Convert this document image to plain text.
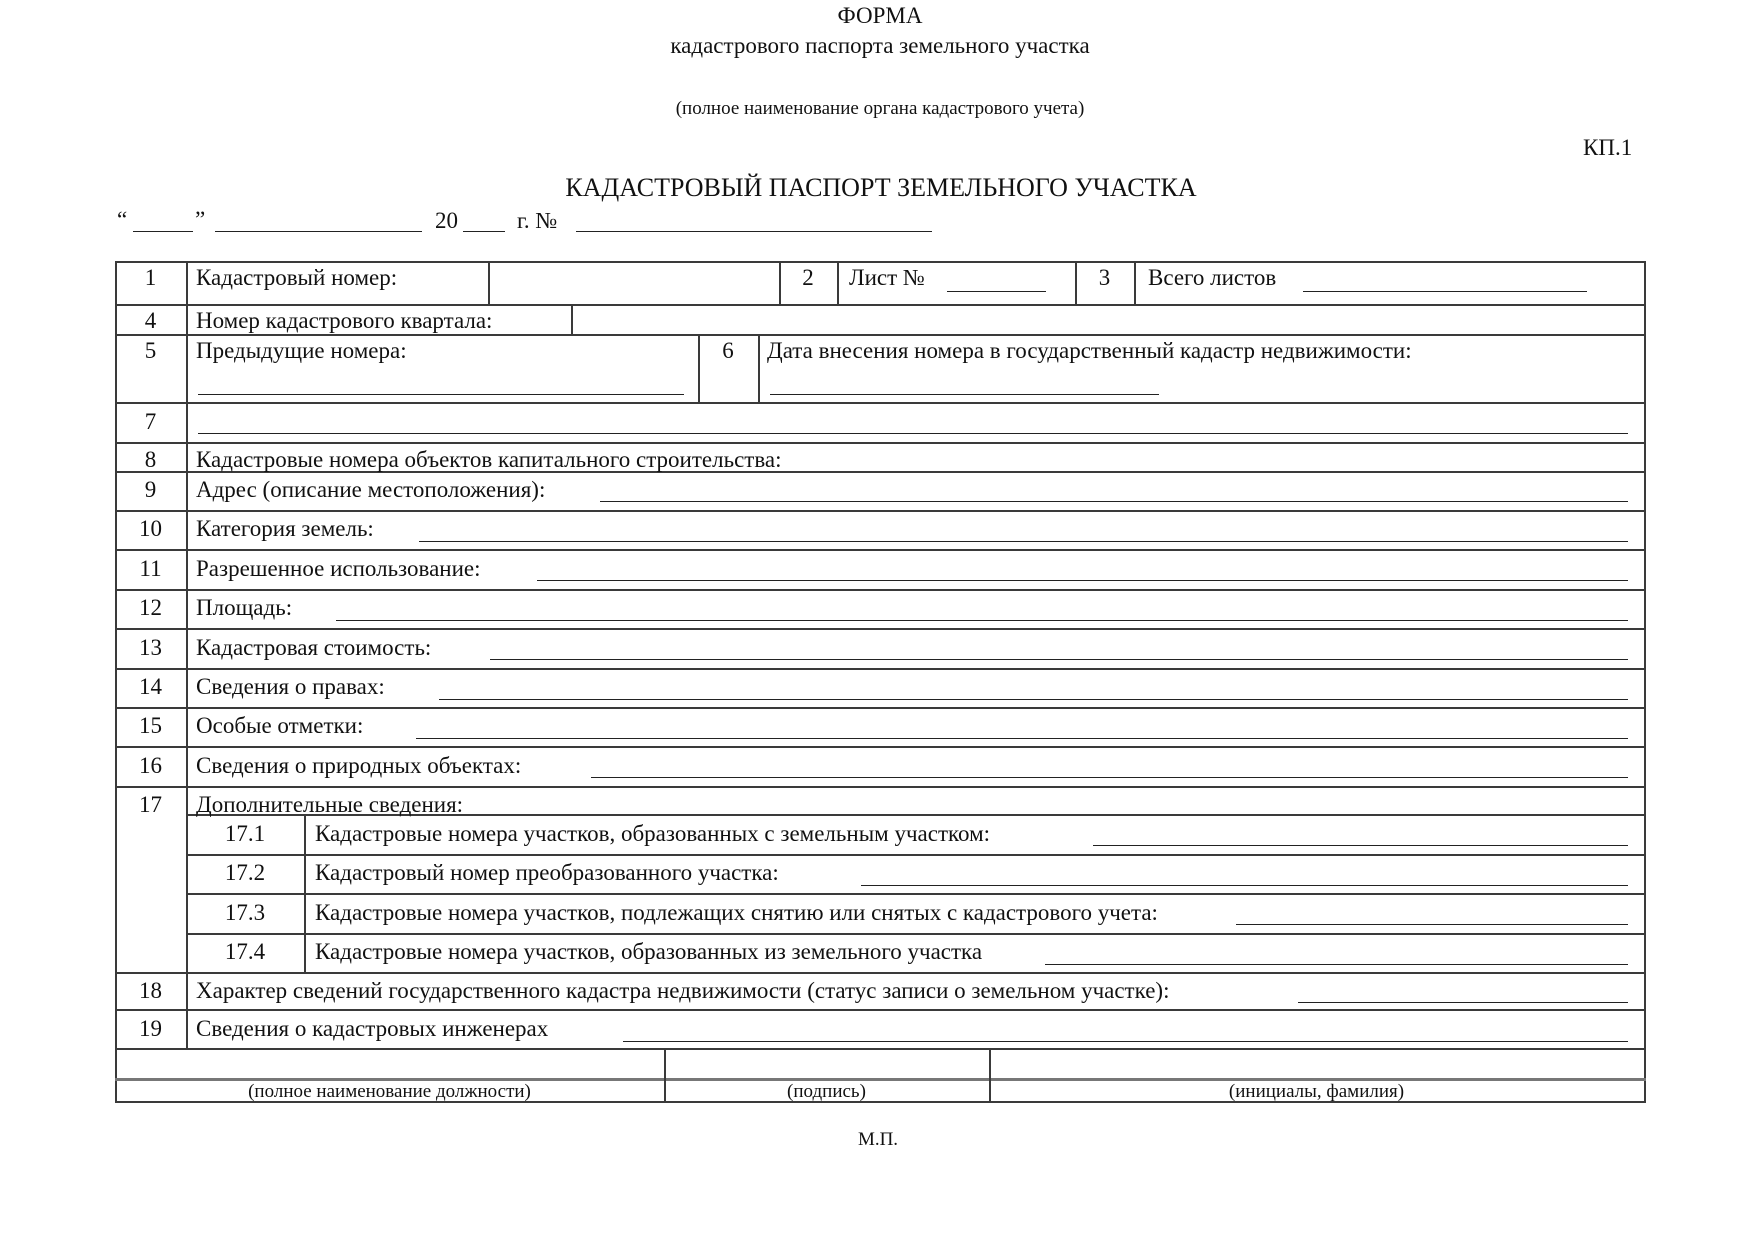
ФОРМА
кадастрового паспорта земельного участка
(полное наименование органа кадастрового учета)
КП.1
КАДАСТРОВЫЙ ПАСПОРТ ЗЕМЕЛЬНОГО УЧАСТКА
“	”	20	г. №
1	Кадастровый номер:	2	Лист №	3	Всего листов
4	Номер кадастрового квартала:
5	Предыдущие номера:	6	Дата внесения номера в государственный кадастр недвижимости:
7
8	Кадастровые номера объектов капитального строительства:
9	Адрес (описание местоположения):
10	Категория земель:
11	Разрешенное использование:
12	Площадь:
13	Кадастровая стоимость:
14	Сведения о правах:
15	Особые отметки:
16	Сведения о природных объектах:
17	Дополнительные сведения:
17.1	Кадастровые номера участков, образованных с земельным участком:
17.2	Кадастровый номер преобразованного участка:
17.3	Кадастровые номера участков, подлежащих снятию или снятых с кадастрового учета:
17.4	Кадастровые номера участков, образованных из земельного участка
18	Характер сведений государственного кадастра недвижимости (статус записи о земельном участке):
19	Сведения о кадастровых инженерах
(полное наименование должности)	(подпись)	(инициалы, фамилия)
М.П.
